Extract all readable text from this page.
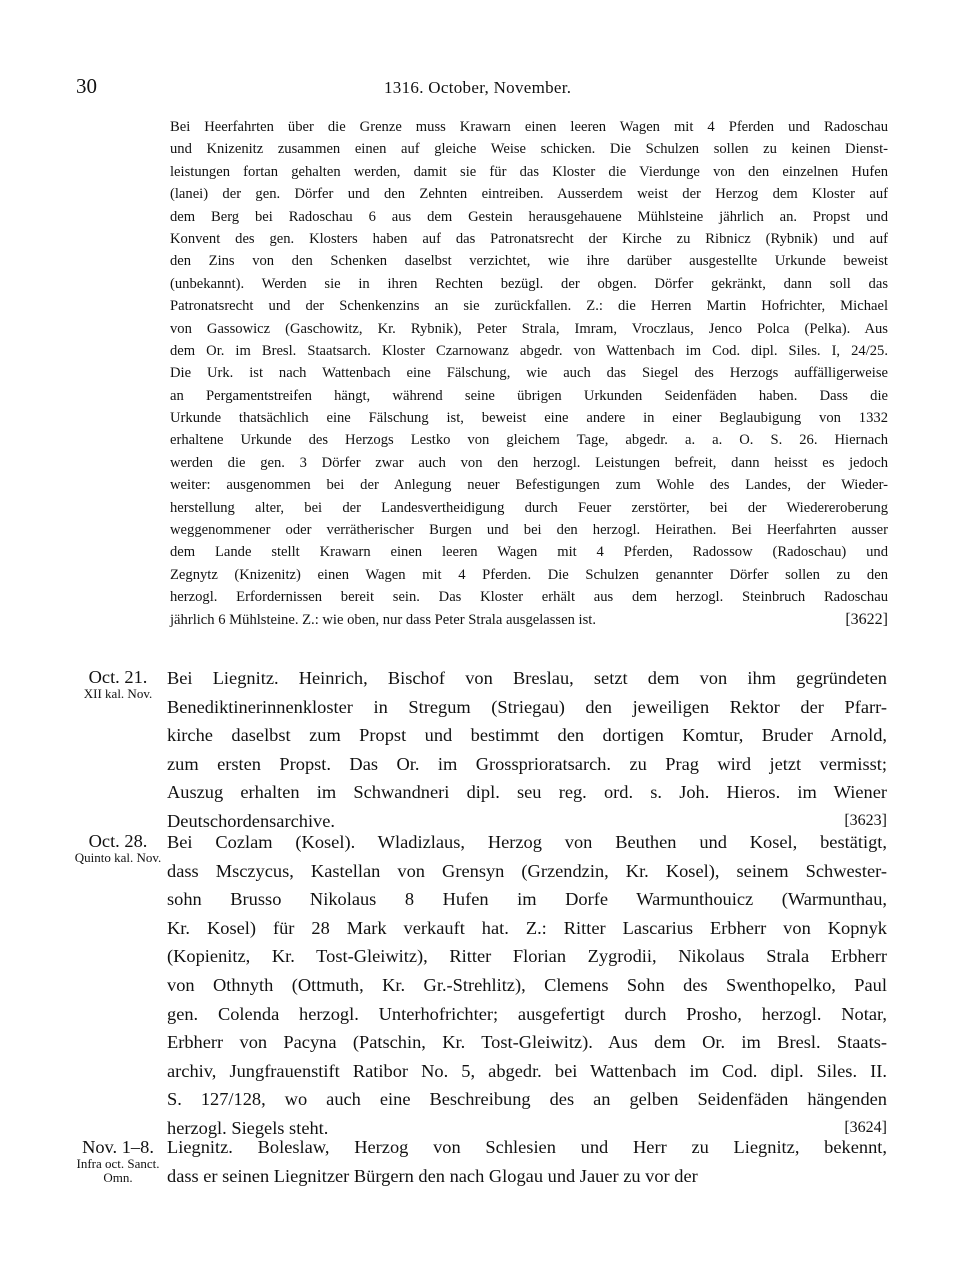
30	1316. October, November.
Bei Heerfahrten über die Grenze muss Krawarn einen leeren Wagen mit 4 Pferden und Radoschau
und Knizenitz zusammen einen auf gleiche Weise schicken. Die Schulzen sollen zu keinen Dienst-
leistungen fortan gehalten werden, damit sie für das Kloster die Vierdunge von den einzelnen Hufen
(lanei) der gen. Dörfer und den Zehnten eintreiben. Ausserdem weist der Herzog dem Kloster auf
dem Berg bei Radoschau 6 aus dem Gestein herausgehauene Mühlsteine jährlich an. Propst und
Konvent des gen. Klosters haben auf das Patronatsrecht der Kirche zu Ribnicz (Rybnik) und auf
den Zins von den Schenken daselbst verzichtet, wie ihre darüber ausgestellte Urkunde beweist
(unbekannt). Werden sie in ihren Rechten bezügl. der obgen. Dörfer gekränkt, dann soll das
Patronatsrecht und der Schenkenzins an sie zurückfallen. Z.: die Herren Martin Hofrichter, Michael
von Gassowicz (Gaschowitz, Kr. Rybnik), Peter Strala, Imram, Vroczlaus, Jenco Polca (Pelka). Aus
dem Or. im Bresl. Staatsarch. Kloster Czarnowanz abgedr. von Wattenbach im Cod. dipl. Siles. I, 24/25.
Die Urk. ist nach Wattenbach eine Fälschung, wie auch das Siegel des Herzogs auffälligerweise
an Pergamentstreifen hängt, während seine übrigen Urkunden Seidenfäden haben. Dass die
Urkunde thatsächlich eine Fälschung ist, beweist eine andere in einer Beglaubigung von 1332
erhaltene Urkunde des Herzogs Lestko von gleichem Tage, abgedr. a. a. O. S. 26. Hiernach
werden die gen. 3 Dörfer zwar auch von den herzogl. Leistungen befreit, dann heisst es jedoch
weiter: ausgenommen bei der Anlegung neuer Befestigungen zum Wohle des Landes, der Wieder-
herstellung alter, bei der Landesvertheidigung durch Feuer zerstörter, bei der Wiedereroberung
weggenommener oder verrätherischer Burgen und bei den herzogl. Heirathen. Bei Heerfahrten ausser
dem Lande stellt Krawarn einen leeren Wagen mit 4 Pferden, Radossow (Radoschau) und
Zegnytz (Knizenitz) einen Wagen mit 4 Pferden. Die Schulzen genannter Dörfer sollen zu den
herzogl. Erfordernissen bereit sein. Das Kloster erhält aus dem herzogl. Steinbruch Radoschau
jährlich 6 Mühlsteine. Z.: wie oben, nur dass Peter Strala ausgelassen ist.	[3622]
Oct. 21.
XII kal. Nov.
Bei Liegnitz. Heinrich, Bischof von Breslau, setzt dem von ihm gegründeten
Benediktinerinnenkloster in Stregum (Striegau) den jeweiligen Rektor der Pfarr-
kirche daselbst zum Propst und bestimmt den dortigen Komtur, Bruder Arnold,
zum ersten Propst. Das Or. im Grossprioratsarch. zu Prag wird jetzt vermisst;
Auszug erhalten im Schwandneri dipl. seu reg. ord. s. Joh. Hieros. im Wiener
Deutschordensarchive.	[3623]
Oct. 28.
Quinto kal. Nov.
Bei Cozlam (Kosel). Wladizlaus, Herzog von Beuthen und Kosel, bestätigt,
dass Msczycus, Kastellan von Grensyn (Grzendzin, Kr. Kosel), seinem Schwester-
sohn Brusso Nikolaus 8 Hufen im Dorfe Warmunthouicz (Warmunthau,
Kr. Kosel) für 28 Mark verkauft hat. Z.: Ritter Lascarius Erbherr von Kopnyk
(Kopienitz, Kr. Tost-Gleiwitz), Ritter Florian Zygrodii, Nikolaus Strala Erbherr
von Othnyth (Ottmuth, Kr. Gr.-Strehlitz), Clemens Sohn des Swenthopelko, Paul
gen. Colenda herzogl. Unterhofrichter; ausgefertigt durch Prosho, herzogl. Notar,
Erbherr von Pacyna (Patschin, Kr. Tost-Gleiwitz). Aus dem Or. im Bresl. Staats-
archiv, Jungfrauenstift Ratibor No. 5, abgedr. bei Wattenbach im Cod. dipl. Siles. II.
S. 127/128, wo auch eine Beschreibung des an gelben Seidenfäden hängenden
herzogl. Siegels steht.	[3624]
Nov. 1–8.
Infra oct. Sanct. Omn.
Liegnitz. Boleslaw, Herzog von Schlesien und Herr zu Liegnitz, bekennt,
dass er seinen Liegnitzer Bürgern den nach Glogau und Jauer zu vor der
